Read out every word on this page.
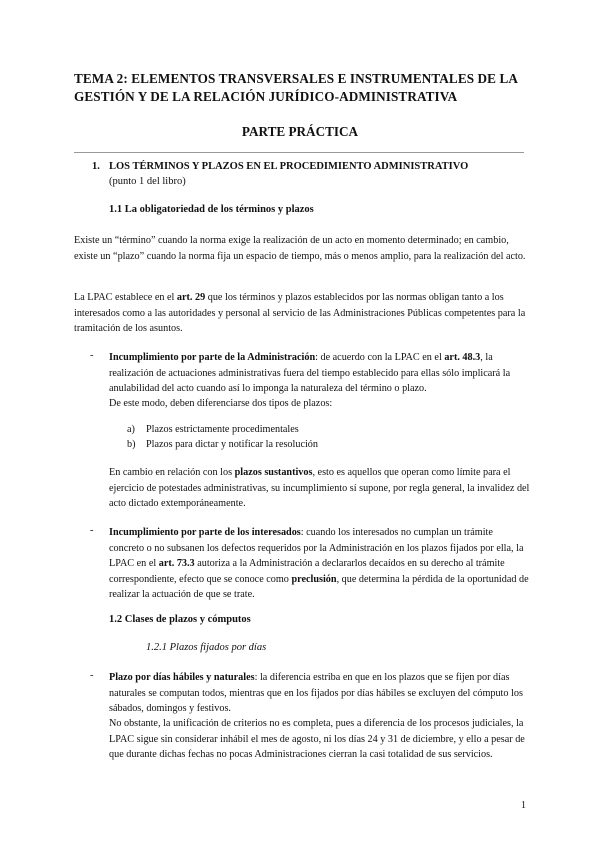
TEMA 2: ELEMENTOS TRANSVERSALES E INSTRUMENTALES DE LA GESTIÓN Y DE LA RELACIÓN JURÍDICO-ADMINISTRATIVA
PARTE PRÁCTICA
1. LOS TÉRMINOS Y PLAZOS EN EL PROCEDIMIENTO ADMINISTRATIVO
(punto 1 del libro)
1.1 La obligatoriedad de los términos y plazos

Existe un “término” cuando la norma exige la realización de un acto en momento determinado; en cambio, existe un “plazo” cuando la norma fija un espacio de tiempo, más o menos amplio, para la realización del acto.

La LPAC establece en el art. 29 que los términos y plazos establecidos por las normas obligan tanto a los interesados como a las autoridades y personal al servicio de las Administraciones Públicas competentes para la tramitación de los asuntos.

- Incumplimiento por parte de la Administración: de acuerdo con la LPAC en el art. 48.3, la realización de actuaciones administrativas fuera del tiempo establecido para ellas sólo implicará la anulabilidad del acto cuando así lo imponga la naturaleza del término o plazo.

De este modo, deben diferenciarse dos tipos de plazos:

a) Plazos estrictamente procedimentales
b) Plazos para dictar y notificar la resolución

En cambio en relación con los plazos sustantivos, esto es aquellos que operan como límite para el ejercicio de potestades administrativas, su incumplimiento sí supone, por regla general, la invalidez del acto dictado extemporáneamente.

- Incumplimiento por parte de los interesados: cuando los interesados no cumplan un trámite concreto o no subsanen los defectos requeridos por la Administración en los plazos fijados por ella, la LPAC en el art. 73.3 autoriza a la Administración a declararlos decaídos en su derecho al trámite correspondiente, efecto que se conoce como preclusión, que determina la pérdida de la oportunidad de realizar la actuación de que se trate.

1.2 Clases de plazos y cómputos
1.2.1 Plazos fijados por días
- Plazo por días hábiles y naturales: la diferencia estriba en que en los plazos que se fijen por días naturales se computan todos, mientras que en los fijados por días hábiles se excluyen del cómputo los sábados, domingos y festivos.

No obstante, la unificación de criterios no es completa, pues a diferencia de los procesos judiciales, la LPAC sigue sin considerar inhábil el mes de agosto, ni los días 24 y 31 de diciembre, y ello a pesar de que durante dichas fechas no pocas Administraciones cierran la casi totalidad de sus servicios.

1
